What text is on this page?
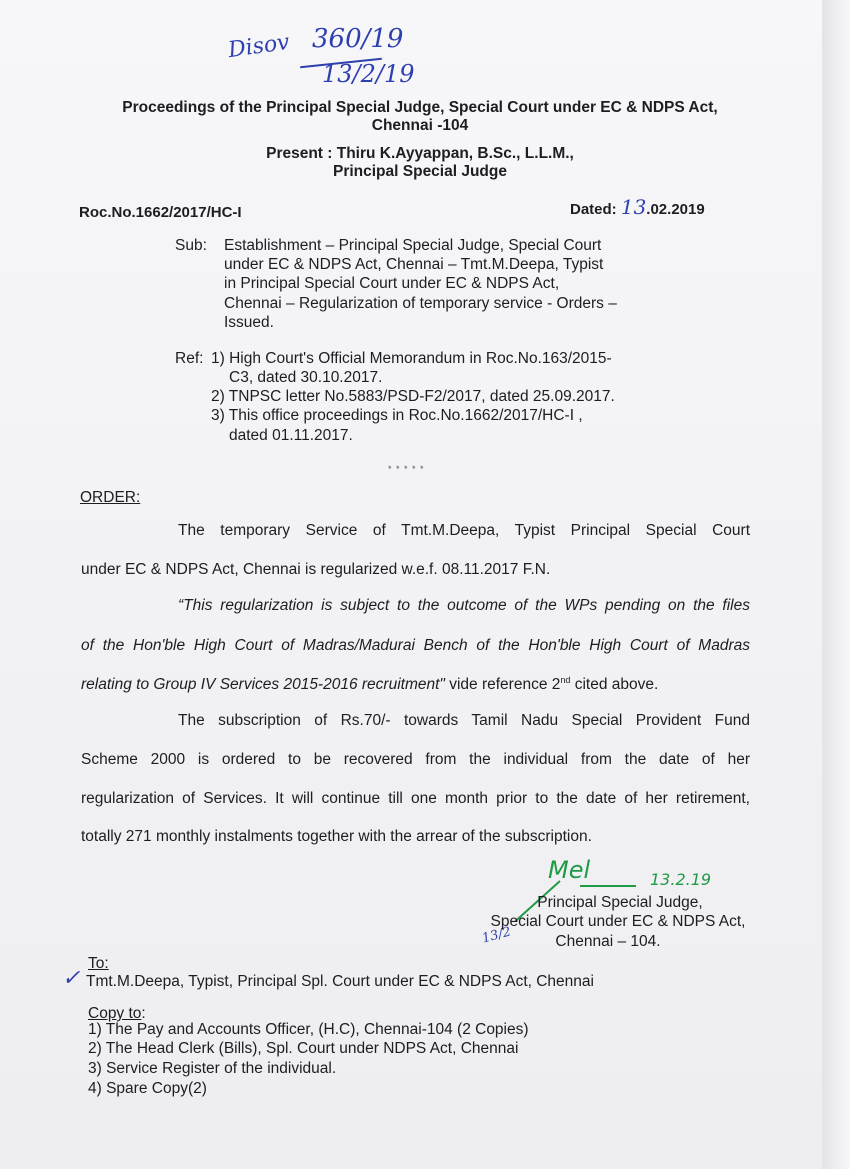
Disov 360/19
13/2/19
Proceedings of the Principal Special Judge, Special Court under EC & NDPS Act,
Chennai -104
Present : Thiru K.Ayyappan, B.Sc., L.L.M.,
Principal Special Judge
Roc.No.1662/2017/HC-I	Dated: 13.02.2019
Sub: Establishment – Principal Special Judge, Special Court
under EC & NDPS Act, Chennai – Tmt.M.Deepa, Typist
in Principal Special Court under EC & NDPS Act,
Chennai – Regularization of temporary service - Orders –
Issued.
Ref: 1) High Court's Official Memorandum in Roc.No.163/2015-
C3, dated 30.10.2017.
2) TNPSC letter No.5883/PSD-F2/2017, dated 25.09.2017.
3) This office proceedings in Roc.No.1662/2017/HC-I ,
dated 01.11.2017.
* * * * *
ORDER:
The temporary Service of Tmt.M.Deepa, Typist Principal Special Court
under EC & NDPS Act, Chennai is regularized w.e.f. 08.11.2017 F.N.
“This regularization is subject to the outcome of the WPs pending on the files
of the Hon'ble High Court of Madras/Madurai Bench of the Hon'ble High Court of Madras
relating to Group IV Services 2015-2016 recruitment" vide reference 2nd cited above.
The subscription of Rs.70/- towards Tamil Nadu Special Provident Fund
Scheme 2000 is ordered to be recovered from the individual from the date of her
regularization of Services. It will continue till one month prior to the date of her retirement,
totally 271 monthly instalments together with the arrear of the subscription.
Mel	13.2.19
Principal Special Judge,
Special Court under EC & NDPS Act,
Chennai – 104.
13/2
To:
Tmt.M.Deepa, Typist, Principal Spl. Court under EC & NDPS Act, Chennai
✓
Copy to:
1) The Pay and Accounts Officer, (H.C), Chennai-104 (2 Copies)
2) The Head Clerk (Bills), Spl. Court under NDPS Act, Chennai
3) Service Register of the individual.
4) Spare Copy(2)
